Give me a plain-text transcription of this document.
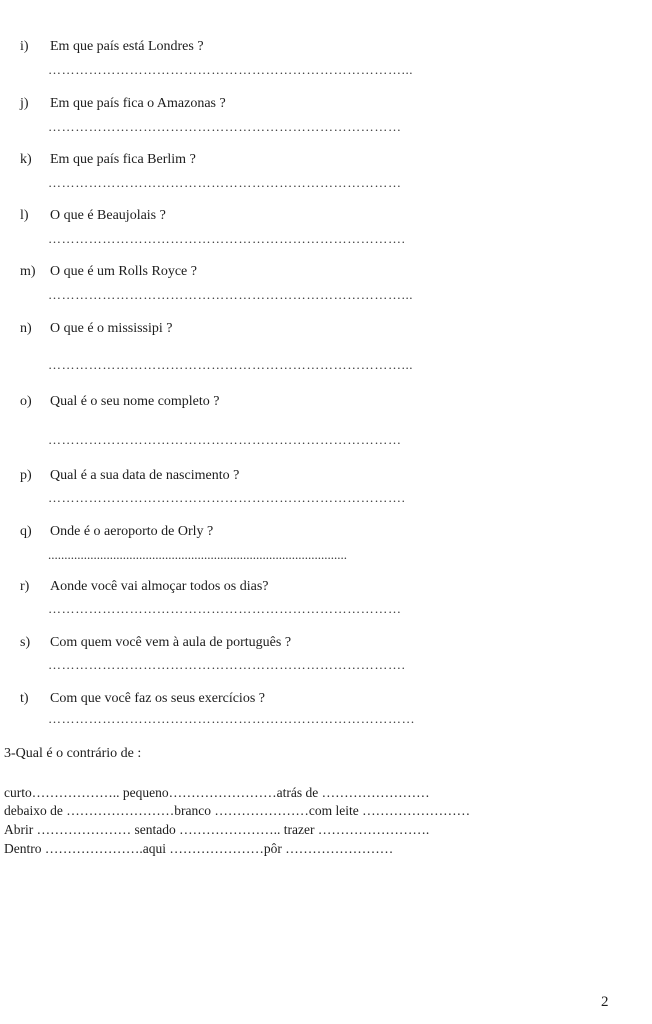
i) Em que país está Londres ?
……………………………………………………………………...
j) Em que país fica o Amazonas ?
……………………………………………………………………
k) Em que país fica Berlim ?
……………………………………………………………………
l) O que é Beaujolais ?
…………………………………………………………………….
m) O que é um Rolls Royce ?
……………………………………………………………………...
n) O que é o mississipi ?
……………………………………………………………………...
o) Qual é o seu nome completo ?
……………………………………………………………………
p) Qual é a sua data de nascimento ?
…………………………………………………………………….
q) Onde é o aeroporto de Orly ?
............................................................................................
r) Aonde você vai almoçar todos os dias?
……………………………………………………………………
s) Com quem você vem à aula de português ?
…………………………………………………………………….
t) Com que você faz os seus exercícios ?
………………………………………………………………………
3-Qual é o contrário de :
curto……………….. pequeno……………………atrás de ……………………
debaixo de ……………………branco …………………com leite ……………………
Abrir ………………… sentado ………………….. trazer …………………….
Dentro ………………….aqui …………………pôr ……………………
2
